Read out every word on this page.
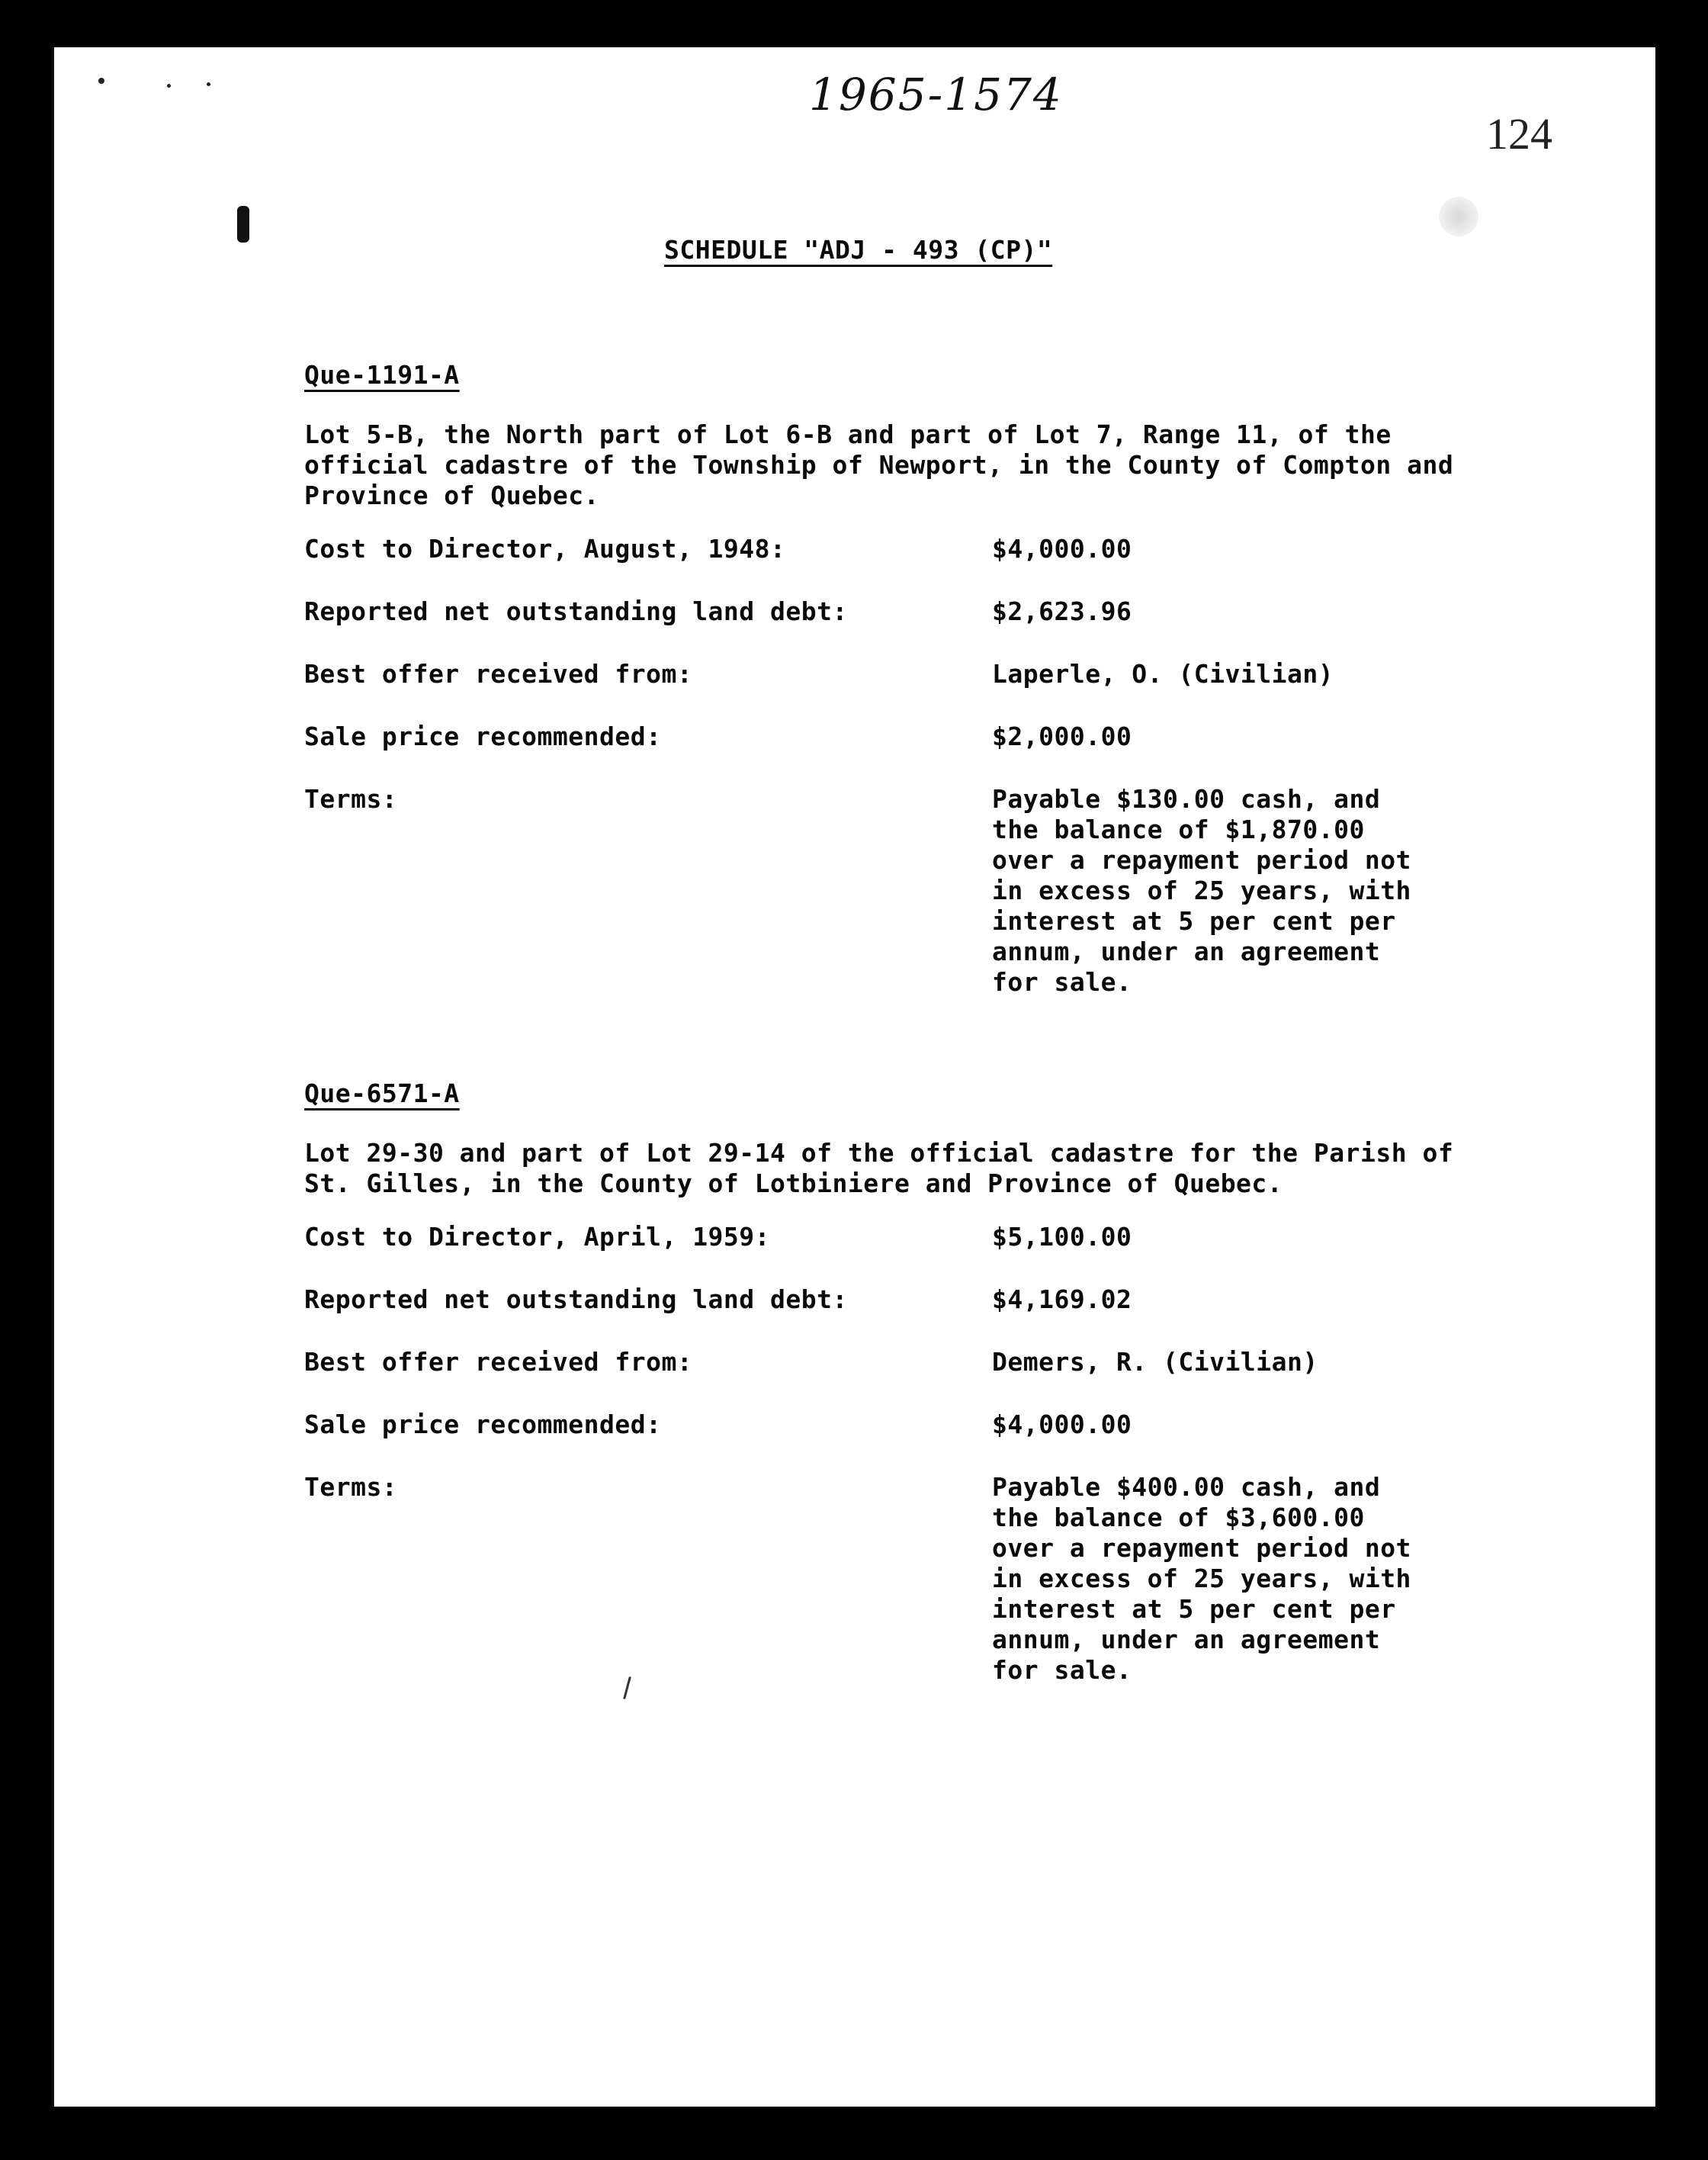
1965-1574
124
SCHEDULE "ADJ - 493 (CP)"
Que-1191-A
Lot 5-B, the North part of Lot 6-B and part of Lot 7, Range 11, of the official cadastre of the Township of Newport, in the County of Compton and Province of Quebec.
Cost to Director, August, 1948:	$4,000.00
Reported net outstanding land debt:	$2,623.96
Best offer received from:	Laperle, O. (Civilian)
Sale price recommended:	$2,000.00
Terms:	Payable $130.00 cash, and
the balance of $1,870.00
over a repayment period not
in excess of 25 years, with
interest at 5 per cent per
annum, under an agreement
for sale.
Que-6571-A
Lot 29-30 and part of Lot 29-14 of the official cadastre for the Parish of St. Gilles, in the County of Lotbiniere and Province of Quebec.
Cost to Director, April, 1959:	$5,100.00
Reported net outstanding land debt:	$4,169.02
Best offer received from:	Demers, R. (Civilian)
Sale price recommended:	$4,000.00
Terms:	Payable $400.00 cash, and
the balance of $3,600.00
over a repayment period not
in excess of 25 years, with
interest at 5 per cent per
annum, under an agreement
for sale.
